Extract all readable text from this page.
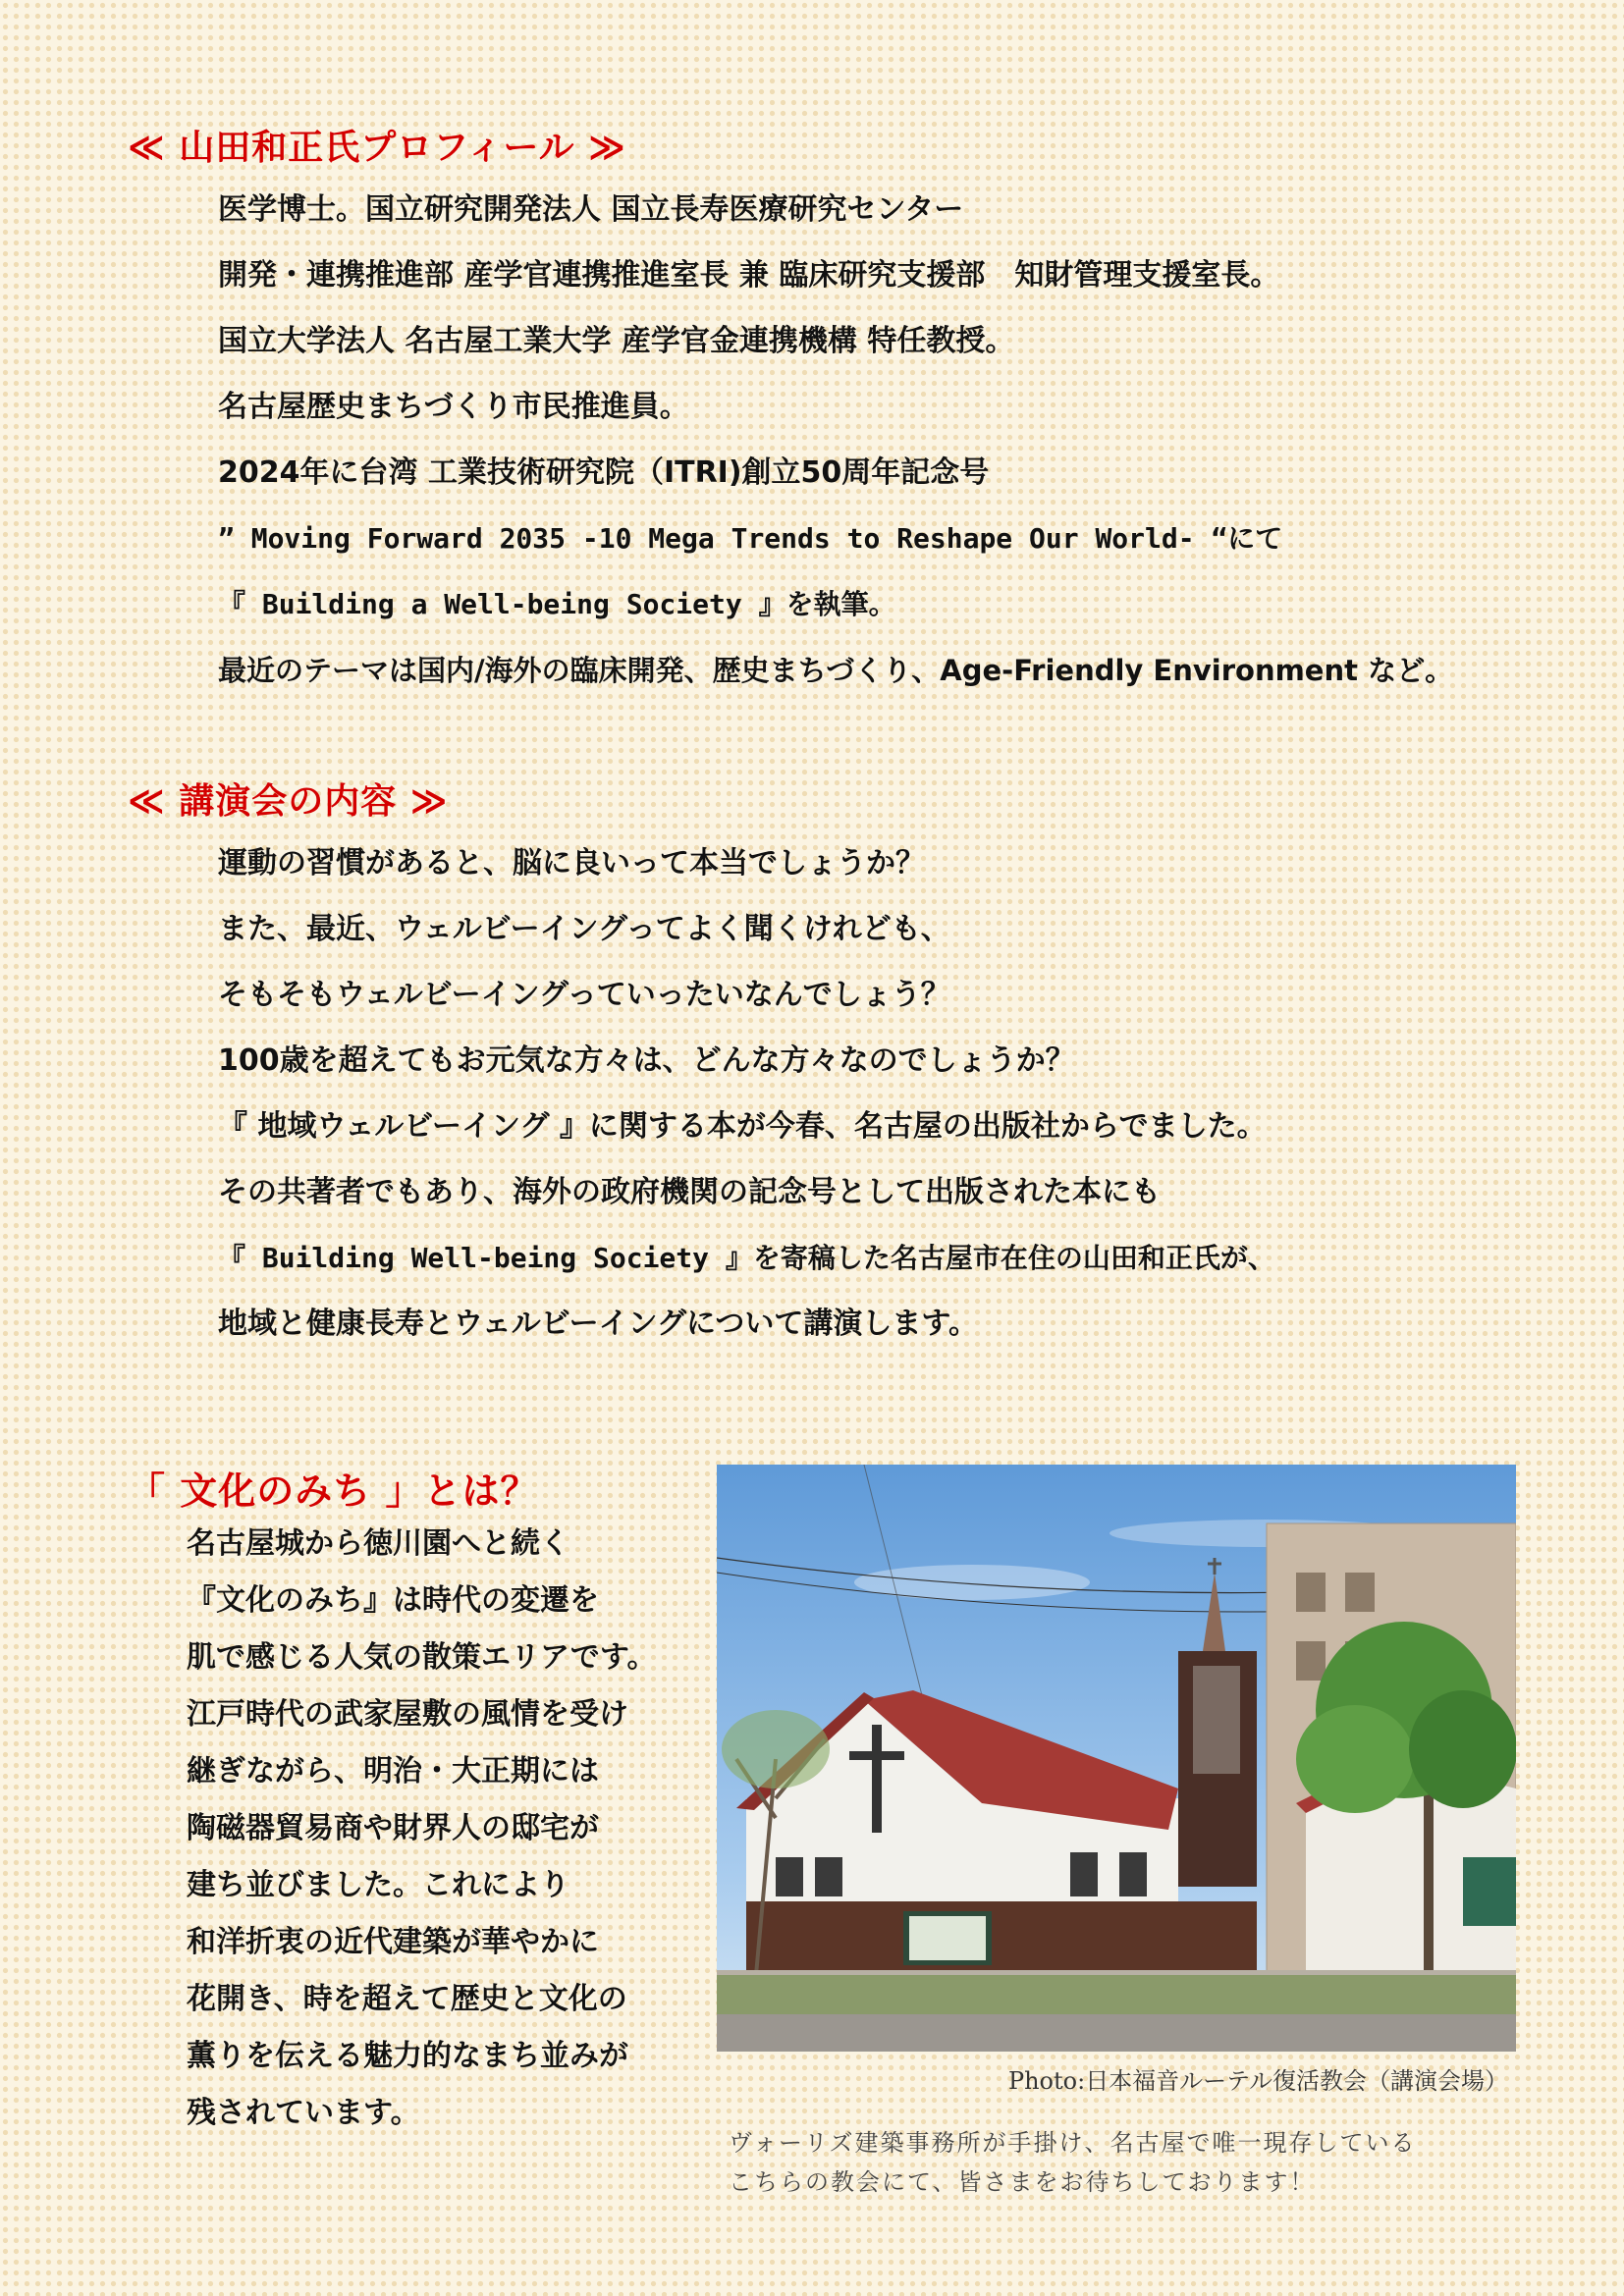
≪ 山田和正氏プロフィール ≫
医学博士。国立研究開発法人 国立長寿医療研究センター
開発・連携推進部 産学官連携推進室長 兼 臨床研究支援部　知財管理支援室長。
国立大学法人 名古屋工業大学 産学官金連携機構 特任教授。
名古屋歴史まちづくり市民推進員。
2024年に台湾 工業技術研究院（ITRI)創立50周年記念号
” Moving Forward 2035 -10 Mega Trends to Reshape Our World- “にて
『 Building a Well-being Society 』を執筆。
最近のテーマは国内/海外の臨床開発、歴史まちづくり、Age-Friendly Environment など。
≪ 講演会の内容 ≫
運動の習慣があると、脳に良いって本当でしょうか？
また、最近、ウェルビーイングってよく聞くけれども、
そもそもウェルビーイングっていったいなんでしょう？
100歳を超えてもお元気な方々は、どんな方々なのでしょうか？
『 地域ウェルビーイング 』に関する本が今春、名古屋の出版社からでました。
その共著者でもあり、海外の政府機関の記念号として出版された本にも
『 Building Well-being Society 』を寄稿した名古屋市在住の山田和正氏が、
地域と健康長寿とウェルビーイングについて講演します。
「 文化のみち 」とは？
名古屋城から徳川園へと続く
『文化のみち』は時代の変遷を
肌で感じる人気の散策エリアです。
江戸時代の武家屋敷の風情を受け
継ぎながら、明治・大正期には
陶磁器貿易商や財界人の邸宅が
建ち並びました。これにより
和洋折衷の近代建築が華やかに
花開き、時を超えて歴史と文化の
薫りを伝える魅力的なまち並みが
残されています。
Photo:日本福音ルーテル復活教会（講演会場）

ヴォーリズ建築事務所が手掛け、名古屋で唯一現存している

こちらの教会にて、皆さまをお待ちしております！
